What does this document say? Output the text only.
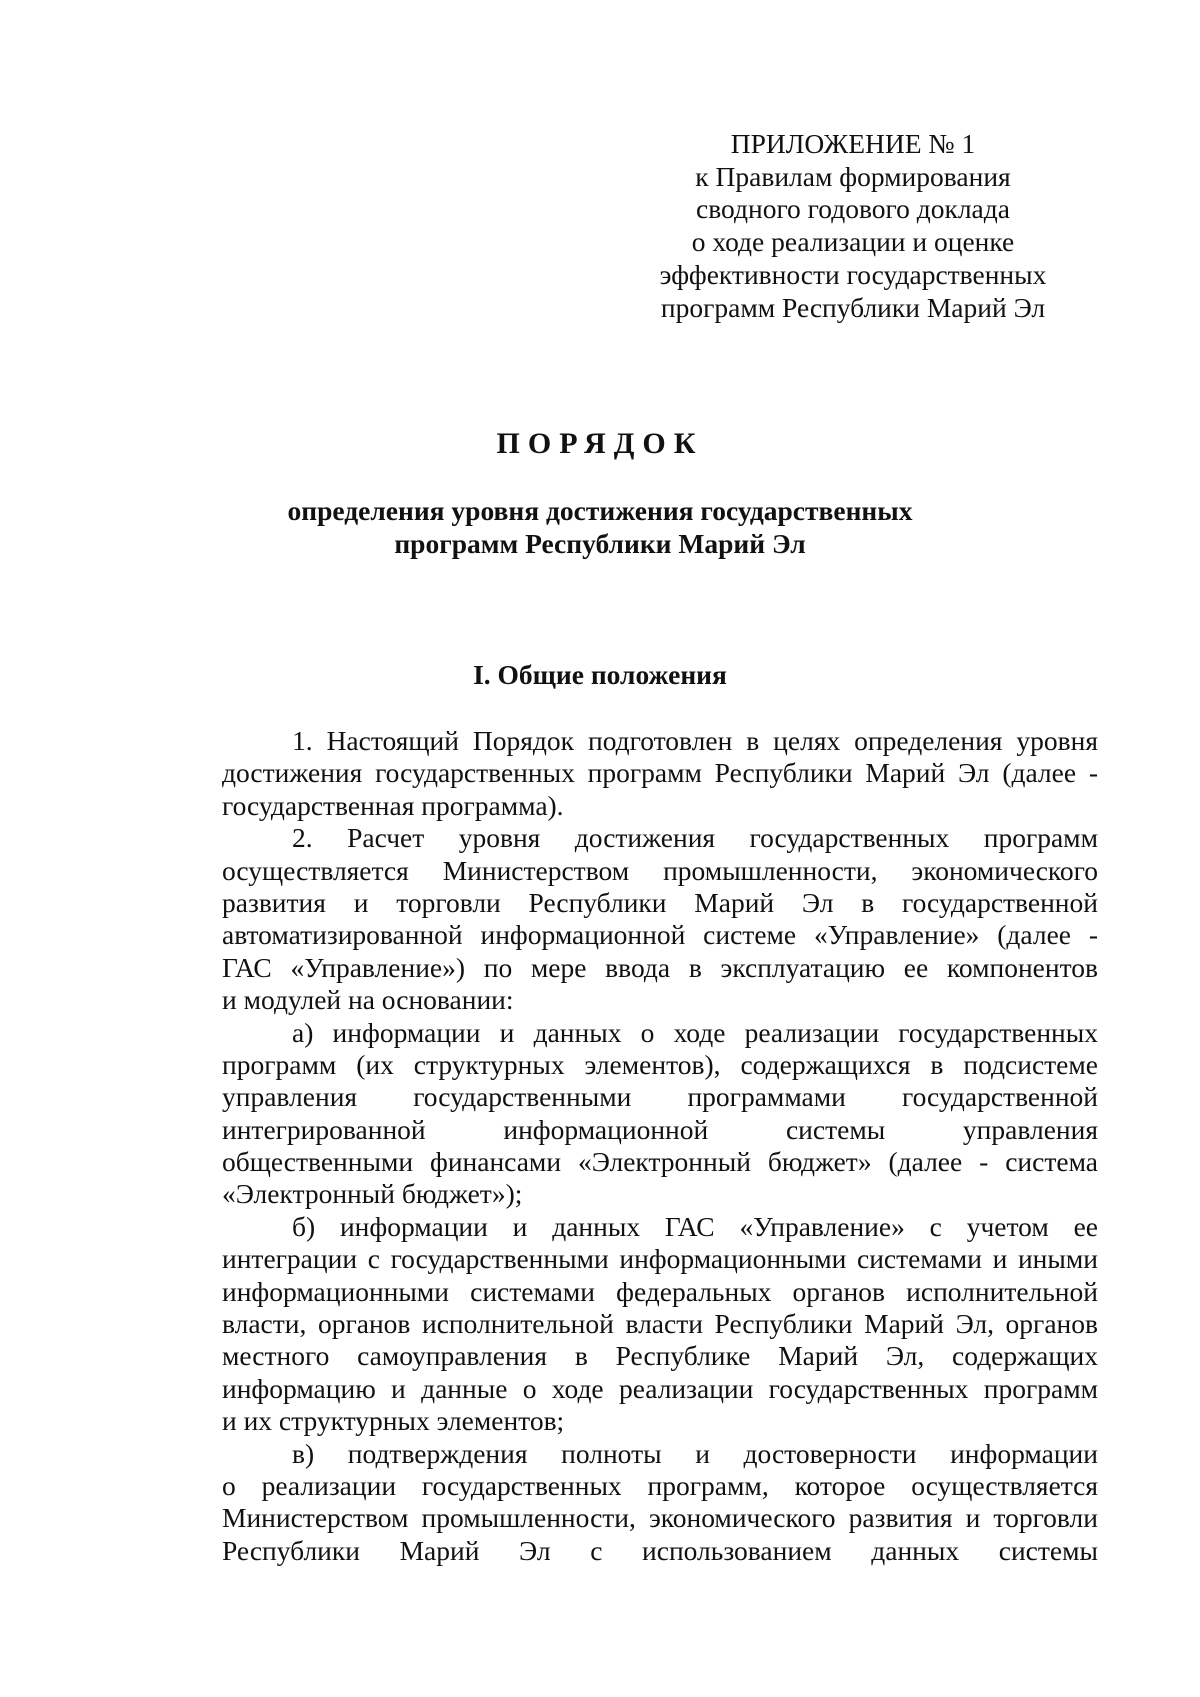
ПРИЛОЖЕНИЕ № 1
к Правилам формирования
сводного годового доклада
о ходе реализации и оценке
эффективности государственных
программ Республики Марий Эл
ПОРЯДОК
определения уровня достижения государственных
программ Республики Марий Эл
I. Общие положения
1. Настоящий Порядок подготовлен в целях определения уровня
достижения государственных программ Республики Марий Эл (далее -
государственная программа).
2. Расчет уровня достижения государственных программ
осуществляется Министерством промышленности, экономического
развития и торговли Республики Марий Эл в государственной
автоматизированной информационной системе «Управление» (далее -
ГАС «Управление») по мере ввода в эксплуатацию ее компонентов
и модулей на основании:
а) информации и данных о ходе реализации государственных
программ (их структурных элементов), содержащихся в подсистеме
управления государственными программами государственной
интегрированной информационной системы управления
общественными финансами «Электронный бюджет» (далее - система
«Электронный бюджет»);
б) информации и данных ГАС «Управление» с учетом ее
интеграции с государственными информационными системами и иными
информационными системами федеральных органов исполнительной
власти, органов исполнительной власти Республики Марий Эл, органов
местного самоуправления в Республике Марий Эл, содержащих
информацию и данные о ходе реализации государственных программ
и их структурных элементов;
в) подтверждения полноты и достоверности информации
о реализации государственных программ, которое осуществляется
Министерством промышленности, экономического развития и торговли
Республики Марий Эл с использованием данных системы
